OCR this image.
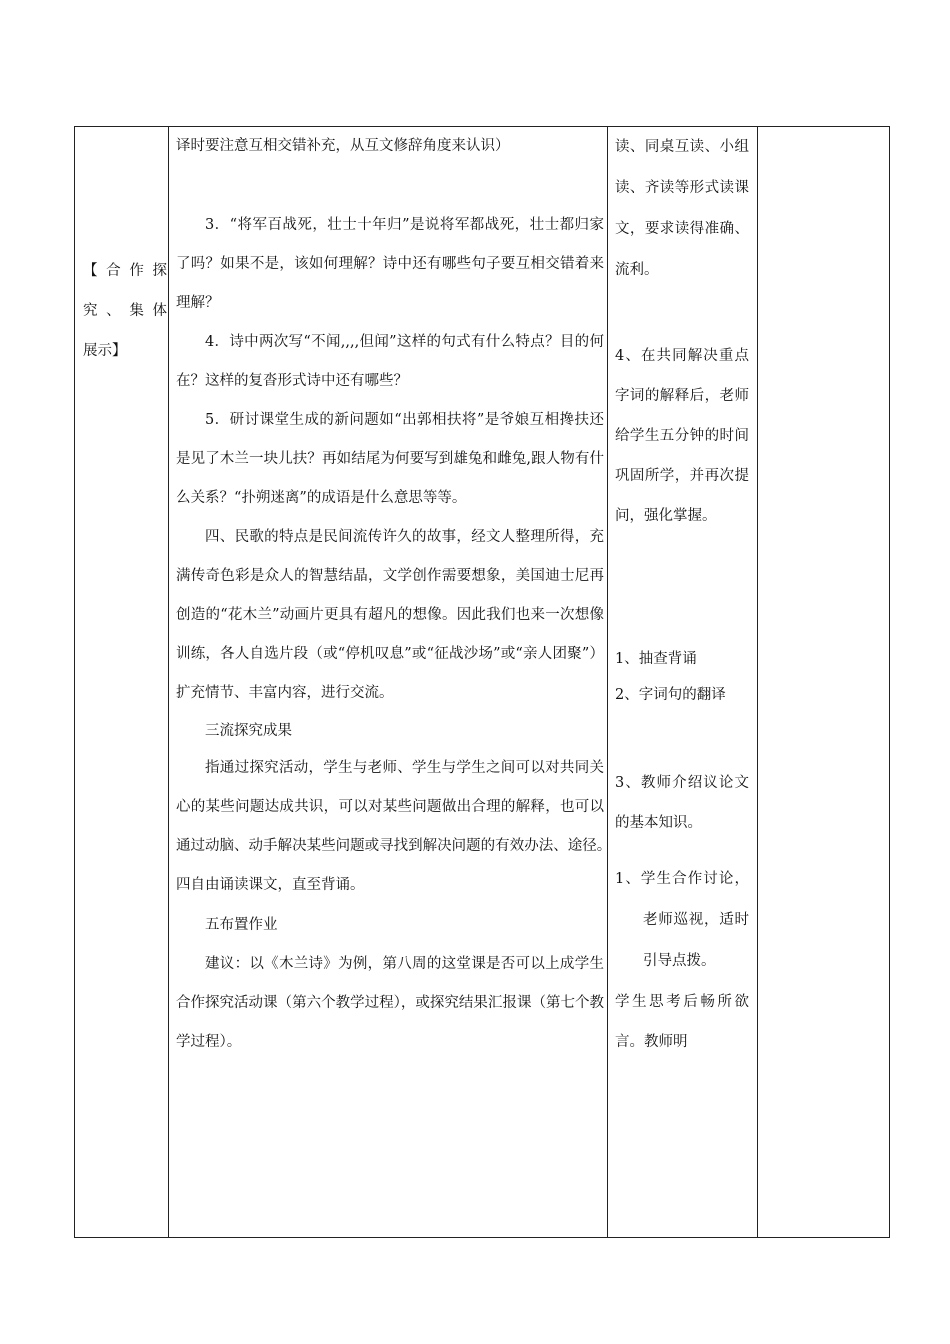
【合作探
究、集体
展示】

译时要注意互相交错补充，从互文修辞角度来认识）

3．“将军百战死，壮士十年归”是说将军都战死，壮士都归家了吗？如果不是，该如何理解？诗中还有哪些句子要互相交错着来理解？

4．诗中两次写“不闻,,,,但闻”这样的句式有什么特点？目的何在？这样的复沓形式诗中还有哪些？

5．研讨课堂生成的新问题如“出郭相扶将”是爷娘互相搀扶还是见了木兰一块儿扶？再如结尾为何要写到雄兔和雌兔,跟人物有什么关系？“扑朔迷离”的成语是什么意思等等。

四、民歌的特点是民间流传许久的故事，经文人整理所得，充满传奇色彩是众人的智慧结晶，文学创作需要想象，美国迪士尼再创造的“花木兰”动画片更具有超凡的想像。因此我们也来一次想像训练，各人自选片段（或“停机叹息”或“征战沙场”或“亲人团聚”）扩充情节、丰富内容，进行交流。

三流探究成果

指通过探究活动，学生与老师、学生与学生之间可以对共同关心的某些问题达成共识，可以对某些问题做出合理的解释，也可以通过动脑、动手解决某些问题或寻找到解决问题的有效办法、途径。　四自由诵读课文，直至背诵。

五布置作业

建议：以《木兰诗》为例，第八周的这堂课是否可以上成学生合作探究活动课（第六个教学过程），或探究结果汇报课（第七个教学过程）。

读、同桌互读、小组读、齐读等形式读课文，要求读得准确、流利。

4、在共同解决重点字词的解释后，老师给学生五分钟的时间巩固所学，并再次提问，强化掌握。

1、抽查背诵

2、字词句的翻译

3、教师介绍议论文的基本知识。

1、学生合作讨论，老师巡视，适时引导点拨。

学生思考后畅所欲言。教师明
